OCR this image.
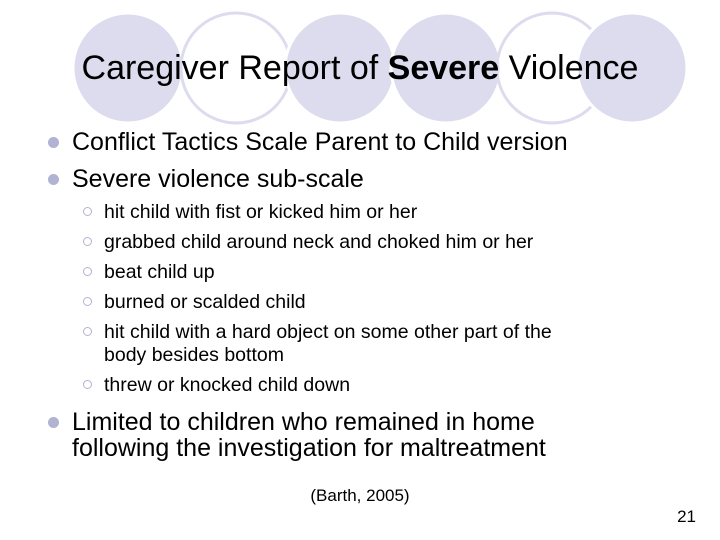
Caregiver Report of Severe Violence
Conflict Tactics Scale Parent to Child version
Severe violence sub-scale
hit child with fist or kicked him or her
grabbed child around neck and choked him or her
beat child up
burned or scalded child
hit child with a hard object on some other part of the
body besides bottom
threw or knocked child down
Limited to children who remained in home
following the investigation for maltreatment
(Barth, 2005)
21
